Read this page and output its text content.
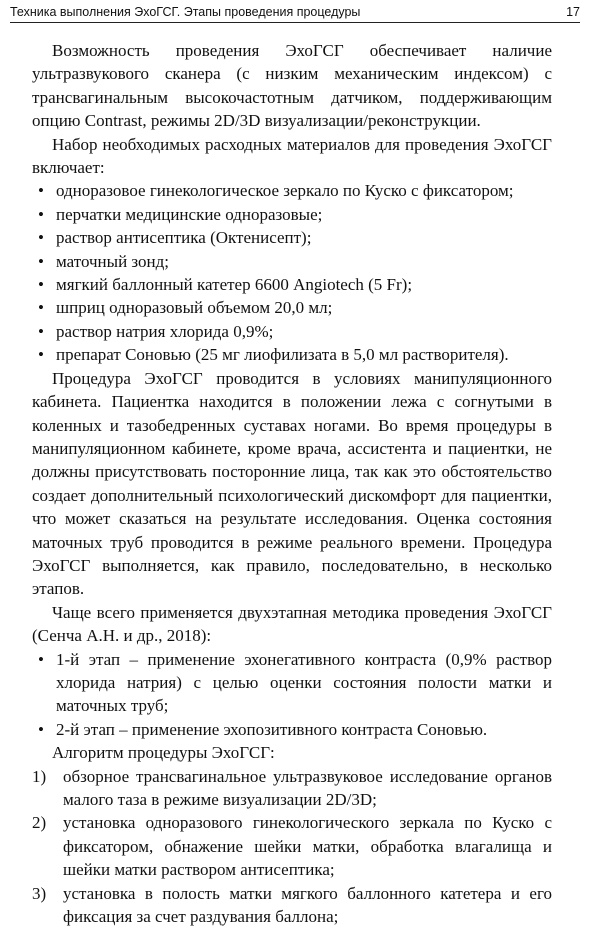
Техника выполнения ЭхоГСГ. Этапы проведения процедуры	17

Возможность проведения ЭхоГСГ обеспечивает наличие ультразвукового сканера (с низким механическим индексом) с трансвагинальным высокочастотным датчиком, поддерживающим опцию Contrast, режимы 2D/3D визуализации/реконструкции.

Набор необходимых расходных материалов для проведения ЭхоГСГ включает:

• одноразовое гинекологическое зеркало по Куско с фиксатором;
• перчатки медицинские одноразовые;
• раствор антисептика (Октенисепт);
• маточный зонд;
• мягкий баллонный катетер 6600 Angiotech (5 Fr);
• шприц одноразовый объемом 20,0 мл;
• раствор натрия хлорида 0,9%;
• препарат Соновью (25 мг лиофилизата в 5,0 мл растворителя).

Процедура ЭхоГСГ проводится в условиях манипуляционного кабинета. Пациентка находится в положении лежа с согнутыми в коленных и тазобедренных суставах ногами. Во время процедуры в манипуляционном кабинете, кроме врача, ассистента и пациентки, не должны присутствовать посторонние лица, так как это обстоятельство создает дополнительный психологический дискомфорт для пациентки, что может сказаться на результате исследования. Оценка состояния маточных труб проводится в режиме реального времени. Процедура ЭхоГСГ выполняется, как правило, последовательно, в несколько этапов.

Чаще всего применяется двухэтапная методика проведения ЭхоГСГ (Сенча А.Н. и др., 2018):

• 1-й этап – применение эхонегативного контраста (0,9% раствор хлорида натрия) с целью оценки состояния полости матки и маточных труб;
• 2-й этап – применение эхопозитивного контраста Соновью.

Алгоритм процедуры ЭхоГСГ:

1) обзорное трансвагинальное ультразвуковое исследование органов малого таза в режиме визуализации 2D/3D;
2) установка одноразового гинекологического зеркала по Куско с фиксатором, обнажение шейки матки, обработка влагалища и шейки матки раствором антисептика;
3) установка в полость матки мягкого баллонного катетера и его фиксация за счет раздувания баллона;
